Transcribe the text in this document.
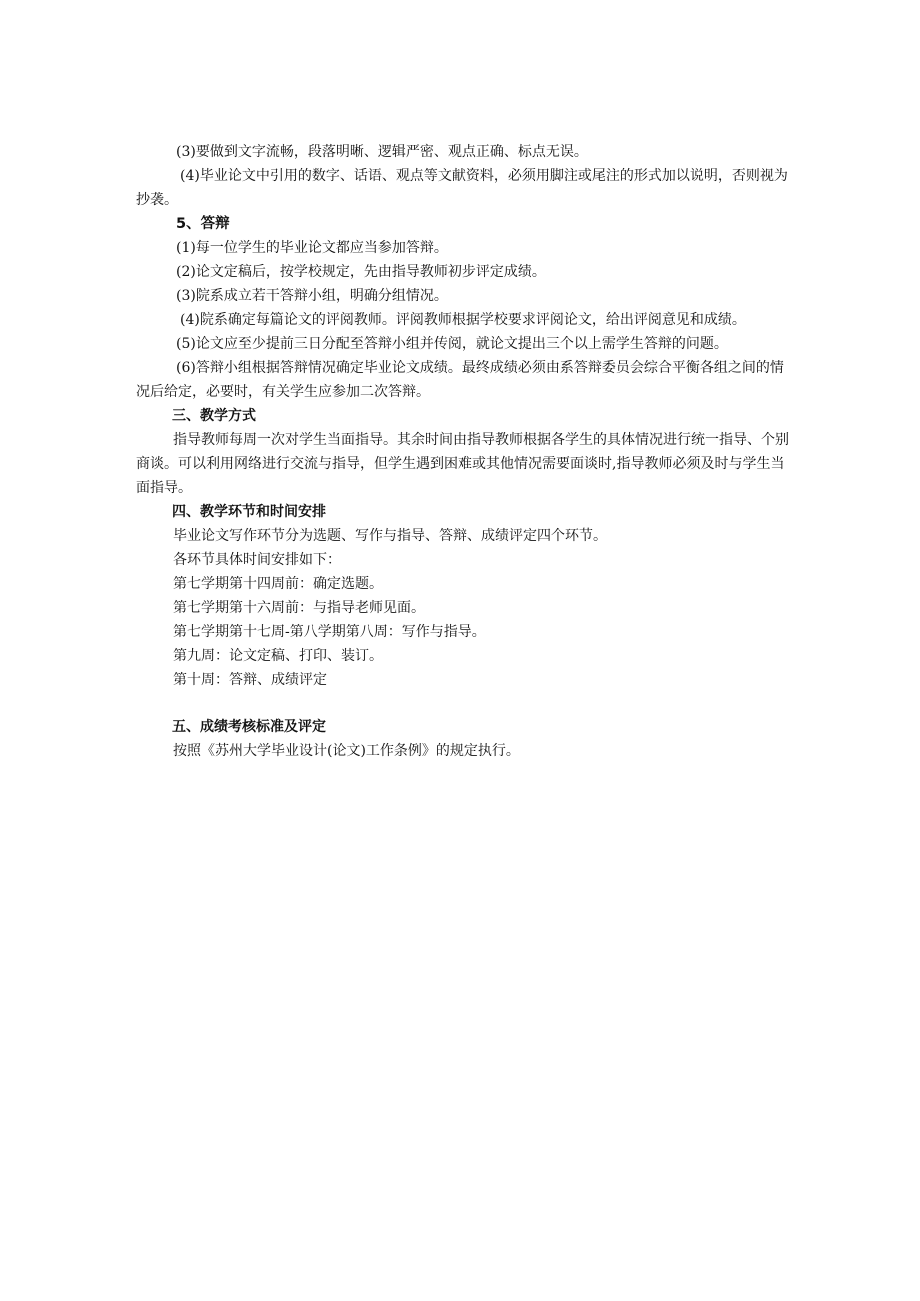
(3)要做到文字流畅，段落明晰、逻辑严密、观点正确、标点无误。

(4)毕业论文中引用的数字、话语、观点等文献资料，必须用脚注或尾注的形式加以说明，否则视为抄袭。

5、答辩

(1)每一位学生的毕业论文都应当参加答辩。

(2)论文定稿后，按学校规定，先由指导教师初步评定成绩。

(3)院系成立若干答辩小组，明确分组情况。

(4)院系确定每篇论文的评阅教师。评阅教师根据学校要求评阅论文，给出评阅意见和成绩。

(5)论文应至少提前三日分配至答辩小组并传阅，就论文提出三个以上需学生答辩的问题。

(6)答辩小组根据答辩情况确定毕业论文成绩。最终成绩必须由系答辩委员会综合平衡各组之间的情况后给定，必要时，有关学生应参加二次答辩。

三、教学方式

指导教师每周一次对学生当面指导。其余时间由指导教师根据各学生的具体情况进行统一指导、个别商谈。可以利用网络进行交流与指导，但学生遇到困难或其他情况需要面谈时,指导教师必须及时与学生当面指导。

四、教学环节和时间安排

毕业论文写作环节分为选题、写作与指导、答辩、成绩评定四个环节。

各环节具体时间安排如下：

第七学期第十四周前：确定选题。

第七学期第十六周前：与指导老师见面。

第七学期第十七周-第八学期第八周：写作与指导。

第九周：论文定稿、打印、装订。

第十周：答辩、成绩评定

五、成绩考核标准及评定

按照《苏州大学毕业设计(论文)工作条例》的规定执行。
